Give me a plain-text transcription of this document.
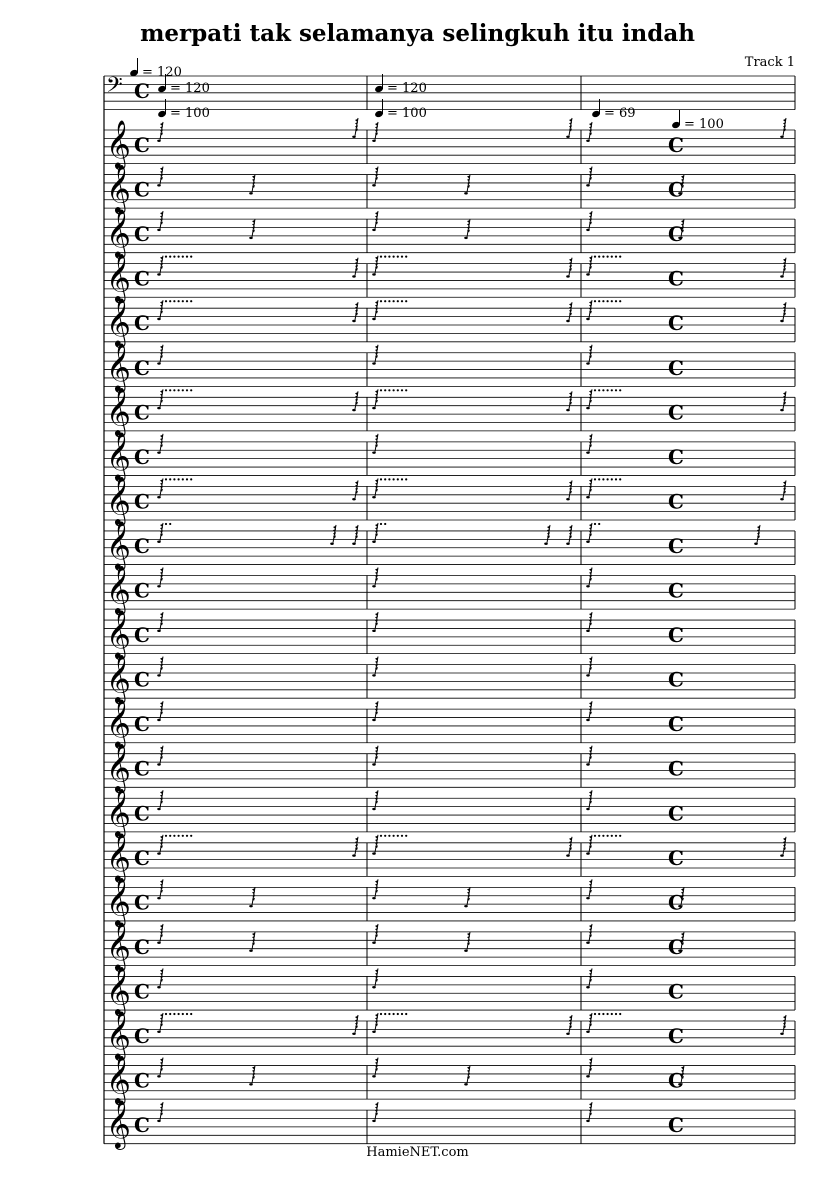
merpati tak selamanya selingkuh itu indah
Track 1
= 120
= 120
= 100
= 120
= 100	= 69
= 100
𝄢 C
𝄞 C	C
𝄞 C	C
𝄞 C	C
𝄞 C	C
𝄞 C	C
𝄞 C	C
𝄞 C	C
𝄞 C	C
𝄞 C	C
𝄞 C	C
𝄞 C	C
𝄞 C	C
𝄞 C	C
𝄞 C	C
𝄞 C	C
𝄞 C	C
𝄞 C	C
𝄞 C	C
𝄞 C	C
𝄞 C	C
𝄞 C	C
𝄞 C	C
𝄞 C	C
HamieNET.com
